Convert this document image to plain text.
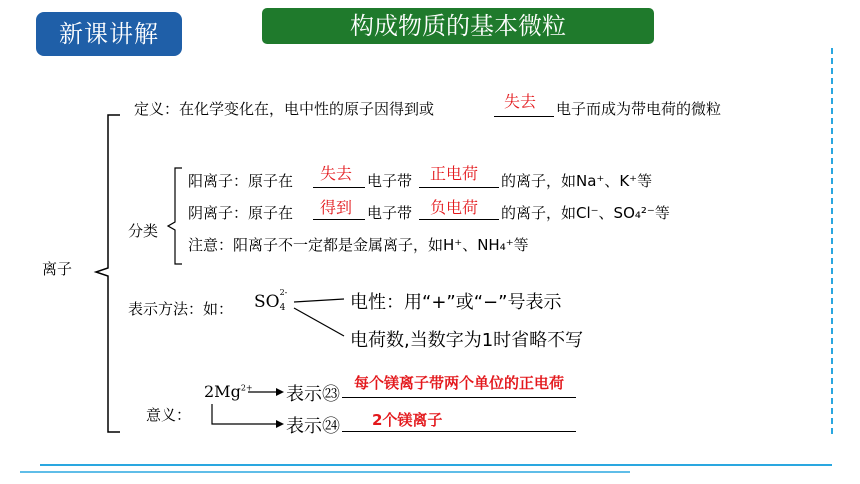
新课讲解	构成物质的基本微粒
离子
定义：在化学变化在，电中性的原子因得到或	失去 电子而成为带电荷的微粒
分类
阳离子：原子在 失去 电子带 正电荷 的离子，如Na⁺、K⁺等
阴离子：原子在 得到 电子带 负电荷 的离子，如Cl⁻、SO₄²⁻等
注意：阳离子不一定都是金属离子，如H⁺、NH₄⁺等
表示方法：如： SO 2-
4	电性：用“+”或“−”号表示
电荷数,当数字为1时省略不写
意义：
$2Mg^{2+}$ 表示㉓
每个镁离子带两个单位的正电荷
表示㉔ 2个镁离子
